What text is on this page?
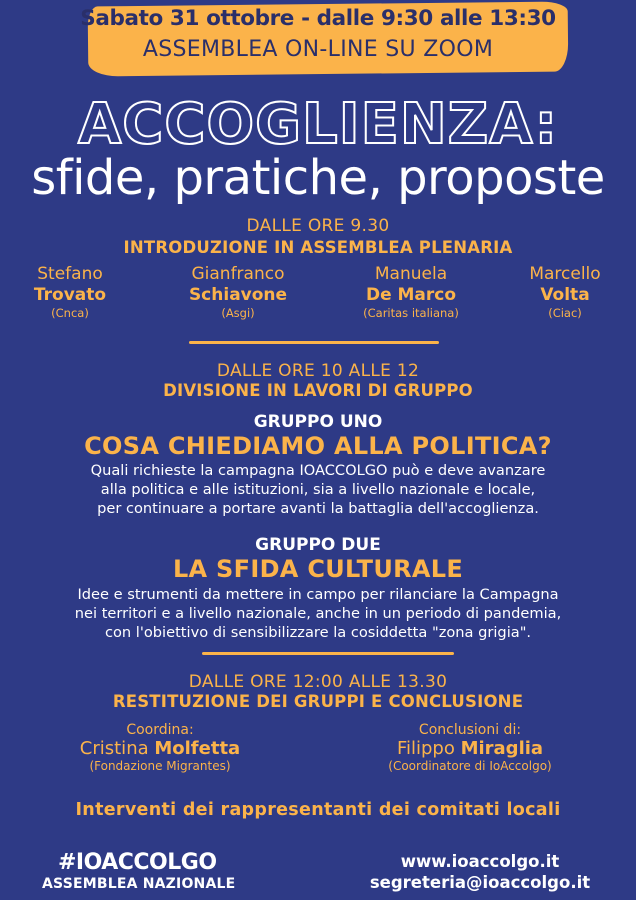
Sabato 31 ottobre - dalle 9:30 alle 13:30
ASSEMBLEA ON-LINE SU ZOOM
ACCOGLIENZA:
sfide, pratiche, proposte
DALLE ORE 9.30
INTRODUZIONE IN ASSEMBLEA PLENARIA
Stefano
Trovato
(Cnca)
Gianfranco
Schiavone
(Asgi)
Manuela
De Marco
(Caritas italiana)
Marcello
Volta
(Ciac)
DALLE ORE 10 ALLE 12
DIVISIONE IN LAVORI DI GRUPPO
GRUPPO UNO
COSA CHIEDIAMO ALLA POLITICA?
Quali richieste la campagna IOACCOLGO può e deve avanzare
alla politica e alle istituzioni, sia a livello nazionale e locale,
per continuare a portare avanti la battaglia dell'accoglienza.
GRUPPO DUE
LA SFIDA CULTURALE
Idee e strumenti da mettere in campo per rilanciare la Campagna
nei territori e a livello nazionale, anche in un periodo di pandemia,
con l'obiettivo di sensibilizzare la cosiddetta "zona grigia".
DALLE ORE 12:00 ALLE 13.30
RESTITUZIONE DEI GRUPPI E CONCLUSIONE
Coordina:
Cristina Molfetta
(Fondazione Migrantes)
Conclusioni di:
Filippo Miraglia
(Coordinatore di IoAccolgo)
Interventi dei rappresentanti dei comitati locali
#IOACCOLGO
ASSEMBLEA NAZIONALE
www.ioaccolgo.it
segreteria@ioaccolgo.it
